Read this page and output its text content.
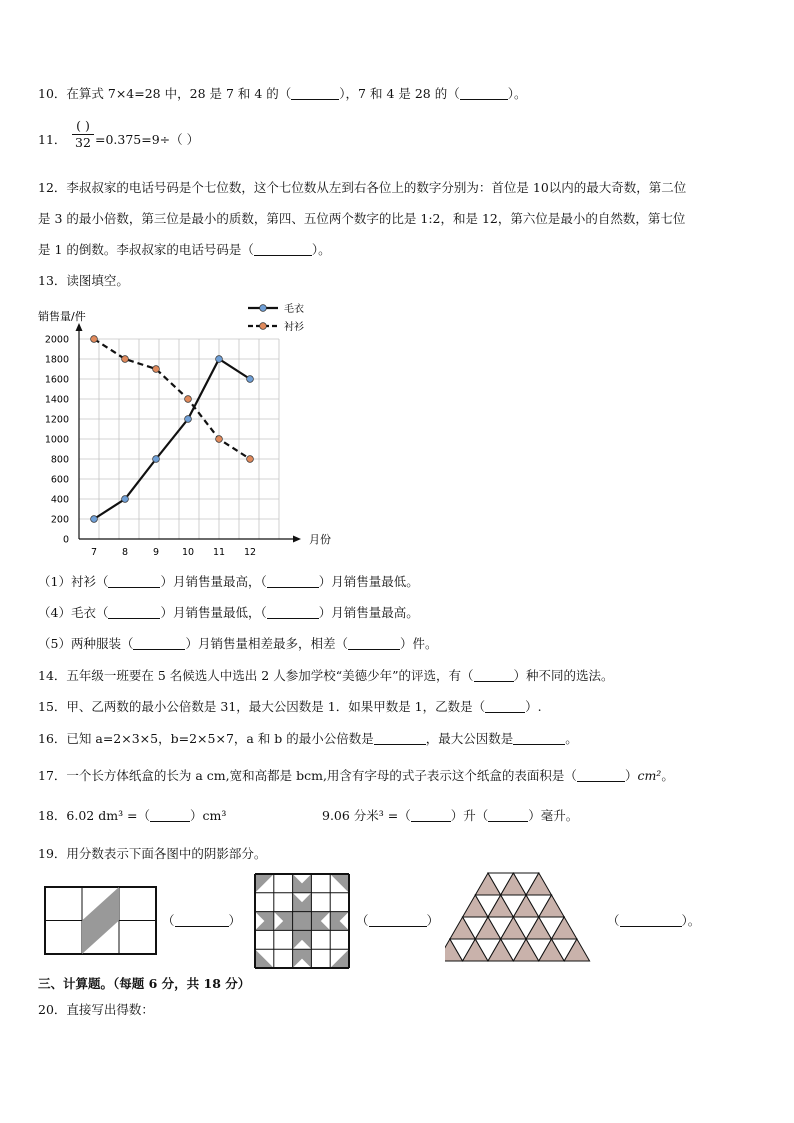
10．在算式 7×4=28 中，28 是 7 和 4 的（	），7 和 4 是 28 的（	）。
11．
( )
32 =0.375=9÷（ ）
12．李叔叔家的电话号码是个七位数，这个七位数从左到右各位上的数字分别为：首位是 10以内的最大奇数，第二位
是 3 的最小倍数，第三位是最小的质数，第四、五位两个数字的比是 1:2，和是 12，第六位是最小的自然数，第七位
是 1 的倒数。李叔叔家的电话号码是（	）。
13．读图填空。
2000
1800
1600
1400
1200
1000
800
600
400
200
0
7	8	9 10 11 12
销售量/件
月份
毛衣
衬衫
（1）衬衫（	）月销售量最高，（	）月销售量最低。
（4）毛衣（	）月销售量最低，（	）月销售量最高。
（5）两种服装（	）月销售量相差最多，相差（	）件。
14．五年级一班要在 5 名候选人中选出 2 人参加学校“美德少年”的评选，有（	）种不同的选法。
15．甲、乙两数的最小公倍数是 31，最大公因数是 1．如果甲数是 1，乙数是（	）.
16．已知 a=2×3×5，b=2×5×7，a 和 b 的最小公倍数是	，最大公因数是	。
17．一个长方体纸盒的长为 a cm,宽和高都是 bcm,用含有字母的式子表示这个纸盒的表面积是（	）cm²。
18．6.02 dm³ =（	）cm³	9.06 分米³ =（	）升（	）毫升。
19．用分数表示下面各图中的阴影部分。
（	）	（	）	（	）。
三、计算题。（每题 6 分，共 18 分）
20．直接写出得数：
